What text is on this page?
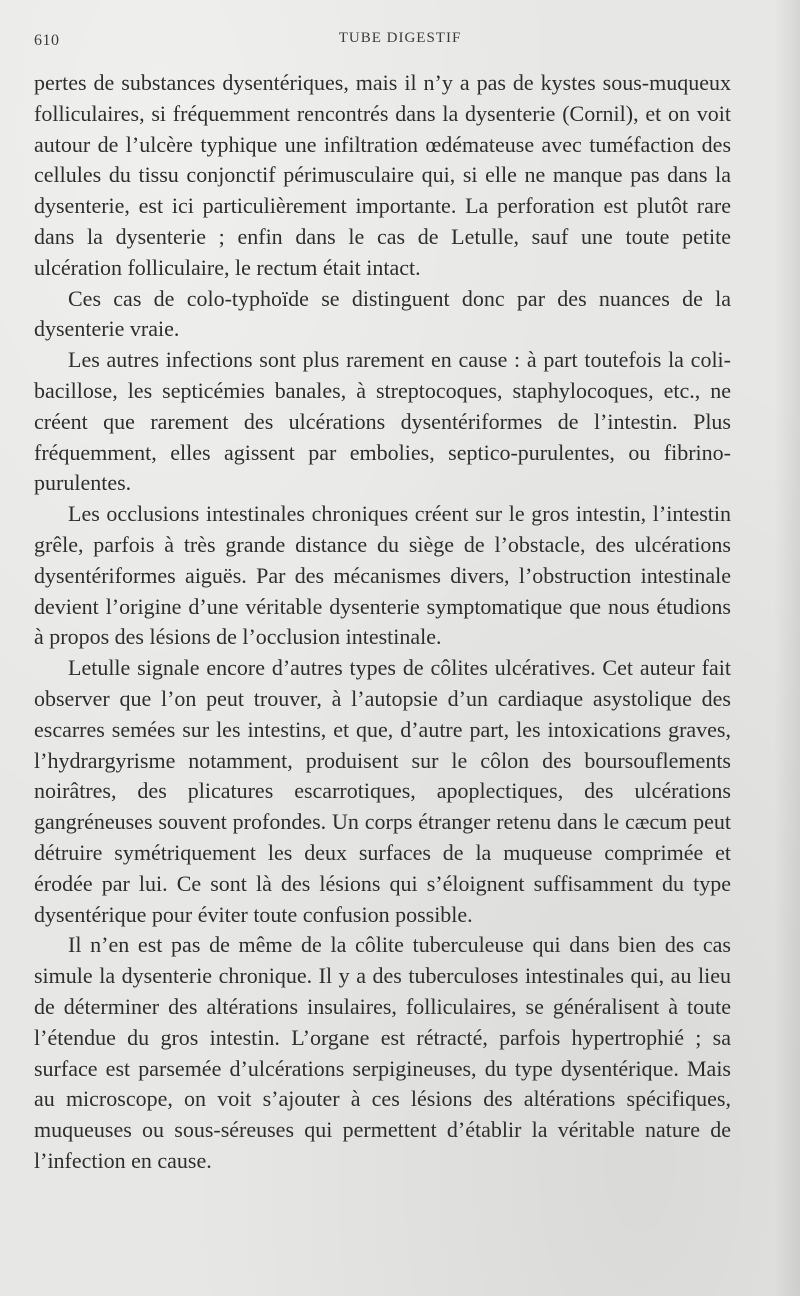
610	TUBE DIGESTIF

pertes de substances dysentériques, mais il n’y a pas de kystes sous-muqueux folliculaires, si fréquemment rencontrés dans la dysenterie (Cornil), et on voit autour de l’ulcère typhique une infiltration œdémateuse avec tuméfaction des cellules du tissu conjonctif périmusculaire qui, si elle ne manque pas dans la dysenterie, est ici particulièrement importante. La perforation est plutôt rare dans la dysenterie ; enfin dans le cas de Letulle, sauf une toute petite ulcération folliculaire, le rectum était intact.

Ces cas de colo-typhoïde se distinguent donc par des nuances de la dysenterie vraie.

Les autres infections sont plus rarement en cause : à part toutefois la coli-bacillose, les septicémies banales, à streptocoques, staphylocoques, etc., ne créent que rarement des ulcérations dysentériformes de l’intestin. Plus fréquemment, elles agissent par embolies, septico-purulentes, ou fibrino-purulentes.

Les occlusions intestinales chroniques créent sur le gros intestin, l’intestin grêle, parfois à très grande distance du siège de l’obstacle, des ulcérations dysentériformes aiguës. Par des mécanismes divers, l’obstruction intestinale devient l’origine d’une véritable dysenterie symptomatique que nous étudions à propos des lésions de l’occlusion intestinale.

Letulle signale encore d’autres types de côlites ulcératives. Cet auteur fait observer que l’on peut trouver, à l’autopsie d’un cardiaque asystolique des escarres semées sur les intestins, et que, d’autre part, les intoxications graves, l’hydrargyrisme notamment, produisent sur le côlon des boursouflements noirâtres, des plicatures escarrotiques, apoplectiques, des ulcérations gangréneuses souvent profondes. Un corps étranger retenu dans le cæcum peut détruire symétriquement les deux surfaces de la muqueuse comprimée et érodée par lui. Ce sont là des lésions qui s’éloignent suffisamment du type dysentérique pour éviter toute confusion possible.

Il n’en est pas de même de la côlite tuberculeuse qui dans bien des cas simule la dysenterie chronique. Il y a des tuberculoses intestinales qui, au lieu de déterminer des altérations insulaires, folliculaires, se généralisent à toute l’étendue du gros intestin. L’organe est rétracté, parfois hypertrophié ; sa surface est parsemée d’ulcérations serpigineuses, du type dysentérique. Mais au microscope, on voit s’ajouter à ces lésions des altérations spécifiques, muqueuses ou sous-séreuses qui permettent d’établir la véritable nature de l’infection en cause.
